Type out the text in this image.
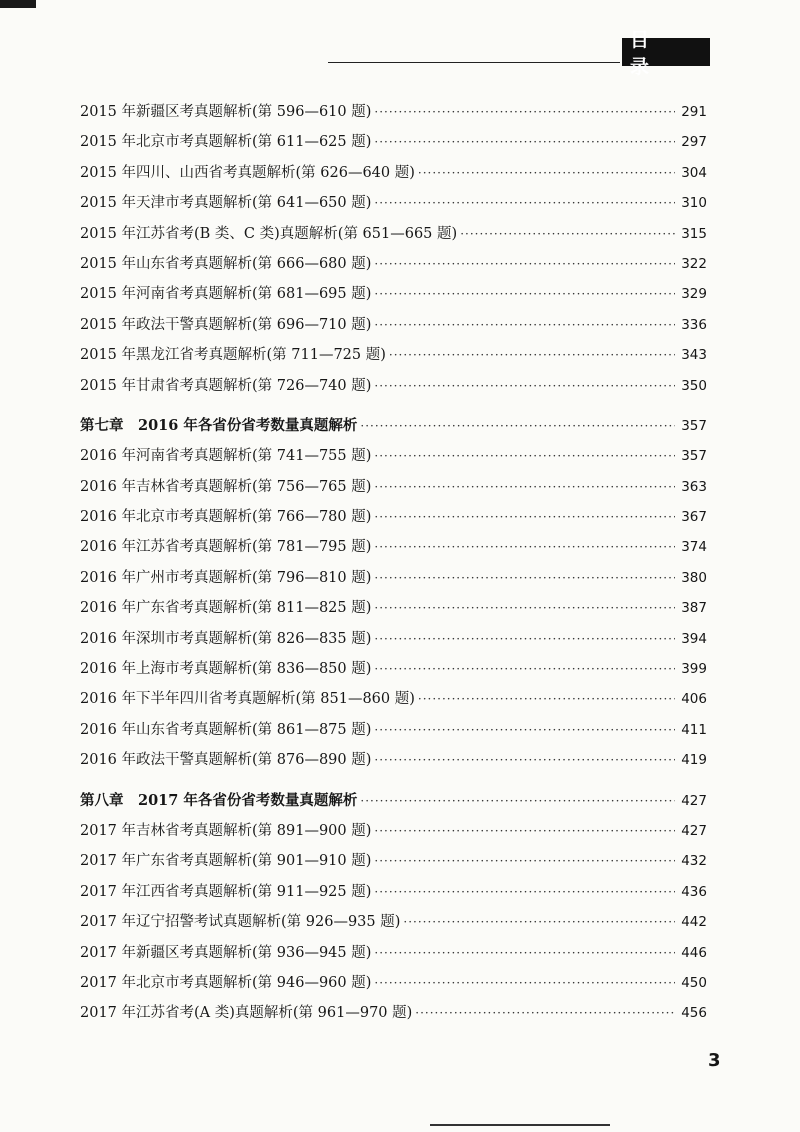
目 录
2015 年新疆区考真题解析(第 596—610 题) ·····	291
2015 年北京市考真题解析(第 611—625 题) ·····	297
2015 年四川、山西省考真题解析(第 626—640 题) ·····	304
2015 年天津市考真题解析(第 641—650 题) ·····	310
2015 年江苏省考(B 类、C 类)真题解析(第 651—665 题) ·····	315
2015 年山东省考真题解析(第 666—680 题) ·····	322
2015 年河南省考真题解析(第 681—695 题) ·····	329
2015 年政法干警真题解析(第 696—710 题) ·····	336
2015 年黑龙江省考真题解析(第 711—725 题) ·····	343
2015 年甘肃省考真题解析(第 726—740 题) ·····	350
第七章　2016 年各省份省考数量真题解析 ·····	357
2016 年河南省考真题解析(第 741—755 题) ·····	357
2016 年吉林省考真题解析(第 756—765 题) ·····	363
2016 年北京市考真题解析(第 766—780 题) ·····	367
2016 年江苏省考真题解析(第 781—795 题) ·····	374
2016 年广州市考真题解析(第 796—810 题) ·····	380
2016 年广东省考真题解析(第 811—825 题) ·····	387
2016 年深圳市考真题解析(第 826—835 题) ·····	394
2016 年上海市考真题解析(第 836—850 题) ·····	399
2016 年下半年四川省考真题解析(第 851—860 题) ·····	406
2016 年山东省考真题解析(第 861—875 题) ·····	411
2016 年政法干警真题解析(第 876—890 题) ·····	419
第八章　2017 年各省份省考数量真题解析 ·····	427
2017 年吉林省考真题解析(第 891—900 题) ·····	427
2017 年广东省考真题解析(第 901—910 题) ·····	432
2017 年江西省考真题解析(第 911—925 题) ·····	436
2017 年辽宁招警考试真题解析(第 926—935 题) ·····	442
2017 年新疆区考真题解析(第 936—945 题) ·····	446
2017 年北京市考真题解析(第 946—960 题) ·····	450
2017 年江苏省考(A 类)真题解析(第 961—970 题) ·····	456
3
